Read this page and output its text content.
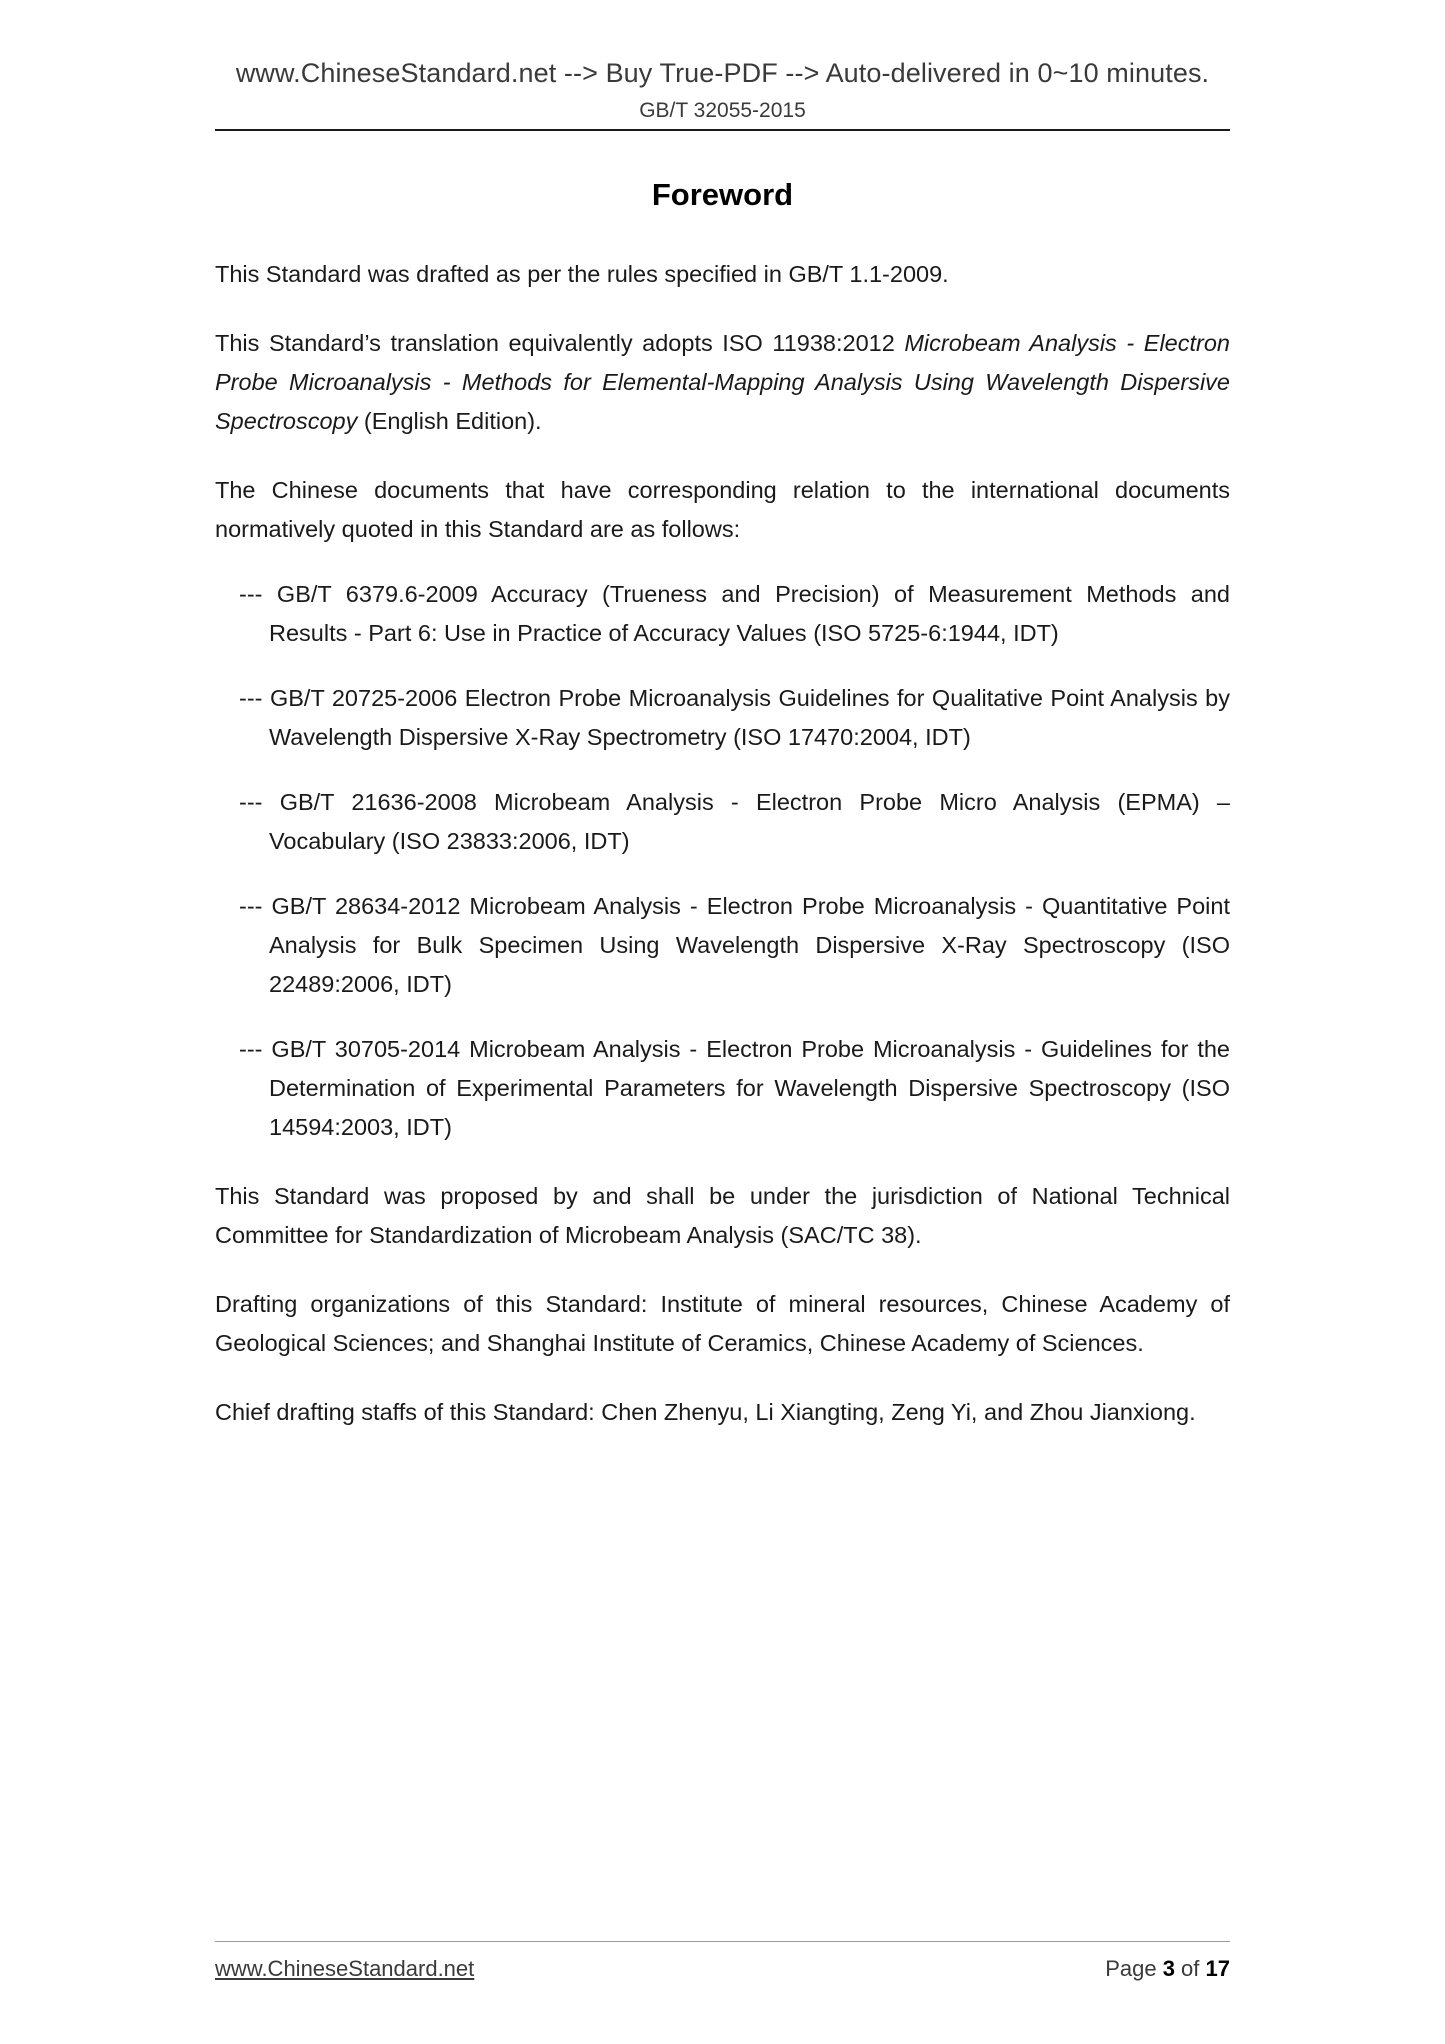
www.ChineseStandard.net --> Buy True-PDF --> Auto-delivered in 0~10 minutes.
GB/T 32055-2015
Foreword

This Standard was drafted as per the rules specified in GB/T 1.1-2009.

This Standard’s translation equivalently adopts ISO 11938:2012 Microbeam Analysis - Electron Probe Microanalysis - Methods for Elemental-Mapping Analysis Using Wavelength Dispersive Spectroscopy (English Edition).

The Chinese documents that have corresponding relation to the international documents normatively quoted in this Standard are as follows:

--- GB/T 6379.6-2009 Accuracy (Trueness and Precision) of Measurement Methods and Results - Part 6: Use in Practice of Accuracy Values (ISO 5725-6:1944, IDT)
--- GB/T 20725-2006 Electron Probe Microanalysis Guidelines for Qualitative Point Analysis by Wavelength Dispersive X-Ray Spectrometry (ISO 17470:2004, IDT)
--- GB/T 21636-2008 Microbeam Analysis - Electron Probe Micro Analysis (EPMA) – Vocabulary (ISO 23833:2006, IDT)
--- GB/T 28634-2012 Microbeam Analysis - Electron Probe Microanalysis - Quantitative Point Analysis for Bulk Specimen Using Wavelength Dispersive X-Ray Spectroscopy (ISO 22489:2006, IDT)
--- GB/T 30705-2014 Microbeam Analysis - Electron Probe Microanalysis - Guidelines for the Determination of Experimental Parameters for Wavelength Dispersive Spectroscopy (ISO 14594:2003, IDT)

This Standard was proposed by and shall be under the jurisdiction of National Technical Committee for Standardization of Microbeam Analysis (SAC/TC 38).

Drafting organizations of this Standard: Institute of mineral resources, Chinese Academy of Geological Sciences; and Shanghai Institute of Ceramics, Chinese Academy of Sciences.

Chief drafting staffs of this Standard: Chen Zhenyu, Li Xiangting, Zeng Yi, and Zhou Jianxiong.

www.ChineseStandard.net	Page 3 of 17
